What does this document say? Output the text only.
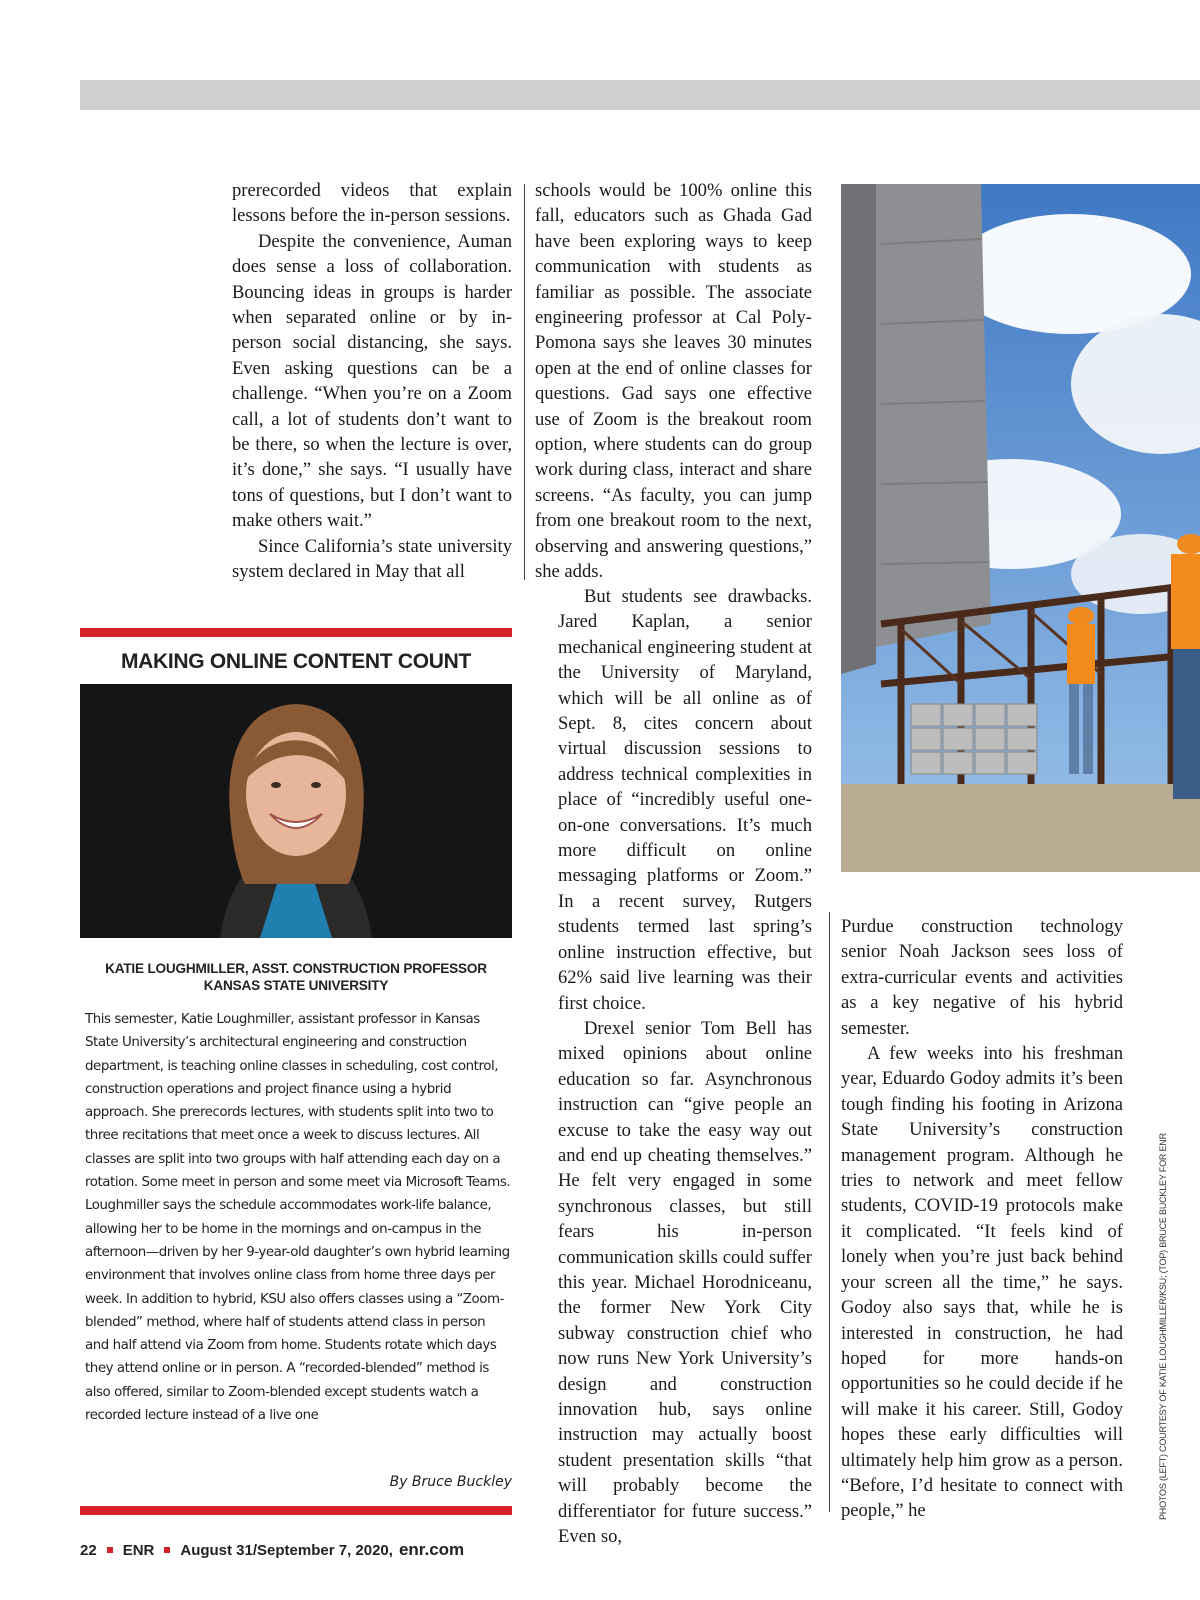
prerecorded videos that explain lessons before the in-person sessions.

Despite the convenience, Auman does sense a loss of collaboration. Bouncing ideas in groups is harder when separated online or by in-person social distancing, she says. Even asking questions can be a challenge. “When you’re on a Zoom call, a lot of students don’t want to be there, so when the lecture is over, it’s done,” she says. “I usually have tons of questions, but I don’t want to make others wait.”

Since California’s state university system declared in May that all

schools would be 100% online this fall, educators such as Ghada Gad have been exploring ways to keep communication with students as familiar as possible. The associate engineering professor at Cal Poly-Pomona says she leaves 30 minutes open at the end of online classes for questions. Gad says one effective use of Zoom is the breakout room option, where students can do group work during class, interact and share screens. “As faculty, you can jump from one breakout room to the next, observing and answering questions,” she adds.

But students see drawbacks. Jared Kaplan, a senior mechanical engineering student at the University of Maryland, which will be all online as of Sept. 8, cites concern about virtual discussion sessions to address technical complexities in place of “incredibly useful one-on-one conversations. It’s much more difficult on online messaging platforms or Zoom.” In a recent survey, Rutgers students termed last spring’s online instruction effective, but 62% said live learning was their first choice.

Drexel senior Tom Bell has mixed opinions about online education so far. Asynchronous instruction can “give people an excuse to take the easy way out and end up cheating themselves.” He felt very engaged in some synchronous classes, but still fears his in-person communication skills could suffer this year. Michael Horodniceanu, the former New York City subway construction chief who now runs New York University’s design and construction innovation hub, says online instruction may actually boost student presentation skills “that will probably become the differentiator for future success.” Even so,

MAKING ONLINE CONTENT COUNT
KATIE LOUGHMILLER, ASST. CONSTRUCTION PROFESSOR
KANSAS STATE UNIVERSITY

This semester, Katie Loughmiller, assistant professor in Kansas State University’s architectural engineering and construction department, is teaching online classes in scheduling, cost control, construction operations and project finance using a hybrid approach. She prerecords lectures, with students split into two to three recitations that meet once a week to discuss lectures. All classes are split into two groups with half attending each day on a rotation. Some meet in person and some meet via Microsoft Teams. Loughmiller says the schedule accommodates work-life balance, allowing her to be home in the mornings and on-campus in the afternoon—driven by her 9-year-old daughter’s own hybrid learning environment that involves online class from home three days per week. In addition to hybrid, KSU also offers classes using a “Zoom-blended” method, where half of students attend class in person and half attend via Zoom from home. Students rotate which days they attend online or in person. A “recorded-blended” method is also offered, similar to Zoom-blended except students watch a recorded lecture instead of a live one

By Bruce Buckley

Purdue construction technology senior Noah Jackson sees loss of extra-curricular events and activities as a key negative of his hybrid semester.

A few weeks into his freshman year, Eduardo Godoy admits it’s been tough finding his footing in Arizona State University’s construction management program. Although he tries to network and meet fellow students, COVID-19 protocols make it complicated. “It feels kind of lonely when you’re just back behind your screen all the time,” he says. Godoy also says that, while he is interested in construction, he had hoped for more hands-on opportunities so he could decide if he will make it his career. Still, Godoy hopes these early difficulties will ultimately help him grow as a person. “Before, I’d hesitate to connect with people,” he	PHOTOS (LEFT) COURTESY OF KATIE LOUGHMILLER/KSU; (TOP) BRUCE BUCKLEY FOR ENR
22 ENR August 31/September 7, 2020, enr.com
